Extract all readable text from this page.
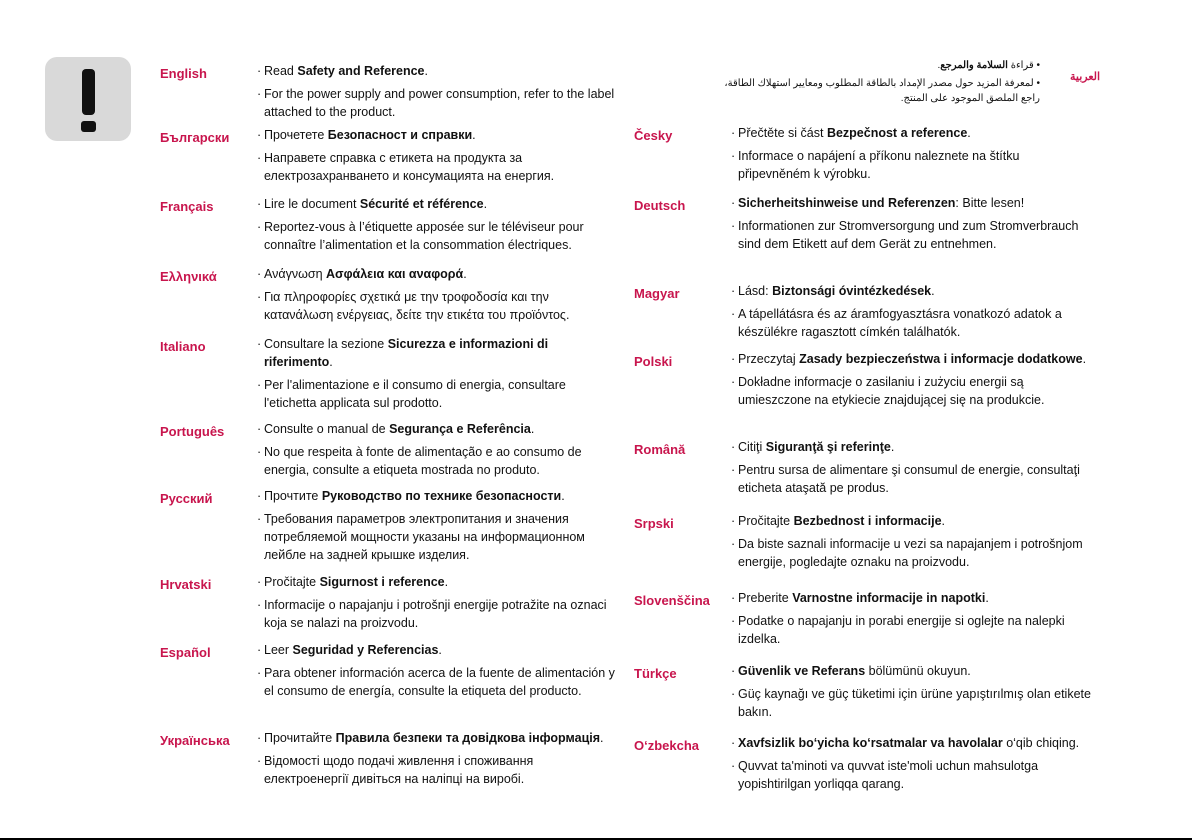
English	· Read Safety and Reference.

· For the power supply and power consumption, refer to the label attached to the product.

Български	· Прочетете Безопасност и справки.

· Направете справка с етикета на продукта за електрозахранването и консумацията на енергия.

Français	· Lire le document Sécurité et référence.

· Reportez-vous à l’étiquette apposée sur le téléviseur pour connaître l’alimentation et la consommation électriques.

Ελληνικά	· Ανάγνωση Ασφάλεια και αναφορά.

· Για πληροφορίες σχετικά με την τροφοδοσία και την κατανάλωση ενέργειας, δείτε την ετικέτα του προϊόντος.

Italiano	· Consultare la sezione Sicurezza e informazioni di riferimento.

· Per l'alimentazione e il consumo di energia, consultare l'etichetta applicata sul prodotto.

Português	· Consulte o manual de Segurança e Referência.

· No que respeita à fonte de alimentação e ao consumo de energia, consulte a etiqueta mostrada no produto.

Русский	· Прочтите Руководство по технике безопасности.

· Требования параметров электропитания и значения потребляемой мощности указаны на информационном лейбле на задней крышке изделия.

Hrvatski	· Pročitajte Sigurnost i reference.

· Informacije o napajanju i potrošnji energije potražite na oznaci koja se nalazi na proizvodu.

Español	· Leer Seguridad y Referencias.

· Para obtener información acerca de la fuente de alimentación y el consumo de energía, consulte la etiqueta del producto.

Українська	· Прочитайте Правила безпеки та довідкова інформація.

· Відомості щодо подачі живлення і споживання електроенергії дивіться на наліпці на виробі.

Česky	· Přečtěte si část Bezpečnost a reference.

· Informace o napájení a příkonu naleznete na štítku připevněném k výrobku.

Deutsch	· Sicherheitshinweise und Referenzen: Bitte lesen!

· Informationen zur Stromversorgung und zum Stromverbrauch sind dem Etikett auf dem Gerät zu entnehmen.

Magyar	· Lásd: Biztonsági óvintézkedések.

· A tápellátásra és az áramfogyasztásra vonatkozó adatok a készülékre ragasztott címkén találhatók.

Polski	· Przeczytaj Zasady bezpieczeństwa i informacje dodatkowe.

· Dokładne informacje o zasilaniu i zużyciu energii są umieszczone na etykiecie znajdującej się na produkcie.

Română	· Citiţi Siguranţă şi referinţe.

· Pentru sursa de alimentare şi consumul de energie, consultaţi eticheta ataşată pe produs.

Srpski	· Pročitajte Bezbednost i informacije.

· Da biste saznali informacije u vezi sa napajanjem i potrošnjom energije, pogledajte oznaku na proizvodu.

Slovenščina	· Preberite Varnostne informacije in napotki.

· Podatke o napajanju in porabi energije si oglejte na nalepki izdelka.

Türkçe	· Güvenlik ve Referans bölümünü okuyun.

· Güç kaynağı ve güç tüketimi için ürüne yapıştırılmış olan etikete bakın.

O‘zbekcha	· Xavfsizlik bo‘yicha ko‘rsatmalar va havolalar o‘qib chiqing.

· Quvvat ta'minoti va quvvat iste'moli uchun mahsulotga yopishtirilgan yorliqqa qarang.

العربية

• قراءة السلامة والمرجع.

• لمعرفة المزيد حول مصدر الإمداد بالطاقة المطلوب ومعايير استهلاك الطاقة، راجع الملصق الموجود على المنتج.
